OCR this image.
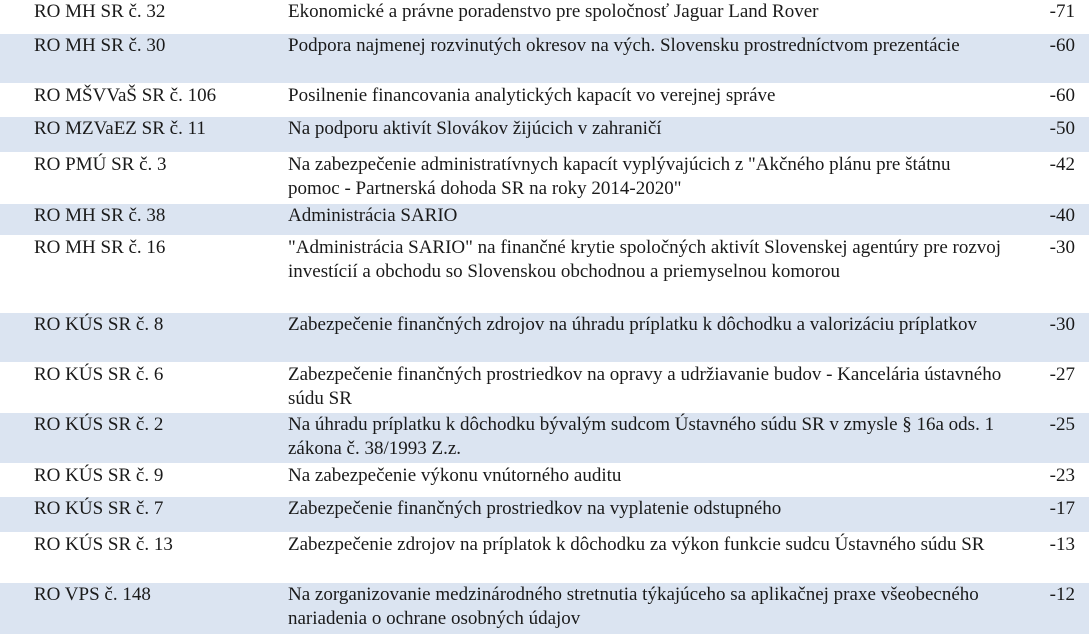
RO MH SR č. 32	Ekonomické a právne poradenstvo pre spoločnosť Jaguar Land Rover	-71
RO MH SR č. 30	Podpora najmenej rozvinutých okresov na vých. Slovensku prostredníctvom prezentácie	-60
RO MŠVVaŠ SR č. 106	Posilnenie financovania analytických kapacít vo verejnej správe	-60
RO MZVaEZ SR č. 11	Na podporu aktivít Slovákov žijúcich v zahraničí	-50
RO PMÚ SR č. 3	Na zabezpečenie administratívnych kapacít vyplývajúcich z "Akčného plánu pre štátnu pomoc - Partnerská dohoda SR na roky 2014-2020"	-42
RO MH SR č. 38	Administrácia SARIO	-40
RO MH SR č. 16	"Administrácia SARIO" na finančné krytie spoločných aktivít Slovenskej agentúry pre rozvoj investícií a obchodu so Slovenskou obchodnou a priemyselnou komorou	-30
RO KÚS SR č. 8	Zabezpečenie finančných zdrojov na úhradu príplatku k dôchodku a valorizáciu príplatkov	-30
RO KÚS SR č. 6	Zabezpečenie finančných prostriedkov na opravy a udržiavanie budov - Kancelária ústavného súdu SR	-27
RO KÚS SR č. 2	Na úhradu príplatku k dôchodku bývalým sudcom Ústavného súdu SR v zmysle § 16a ods. 1 zákona č. 38/1993 Z.z.	-25
RO KÚS SR č. 9	Na zabezpečenie výkonu vnútorného auditu	-23
RO KÚS SR č. 7	Zabezpečenie finančných prostriedkov na vyplatenie odstupného	-17
RO KÚS SR č. 13	Zabezpečenie zdrojov na príplatok k dôchodku za výkon funkcie sudcu Ústavného súdu SR	-13
RO VPS č. 148	Na zorganizovanie medzinárodného stretnutia týkajúceho sa aplikačnej praxe všeobecného nariadenia o ochrane osobných údajov	-12
